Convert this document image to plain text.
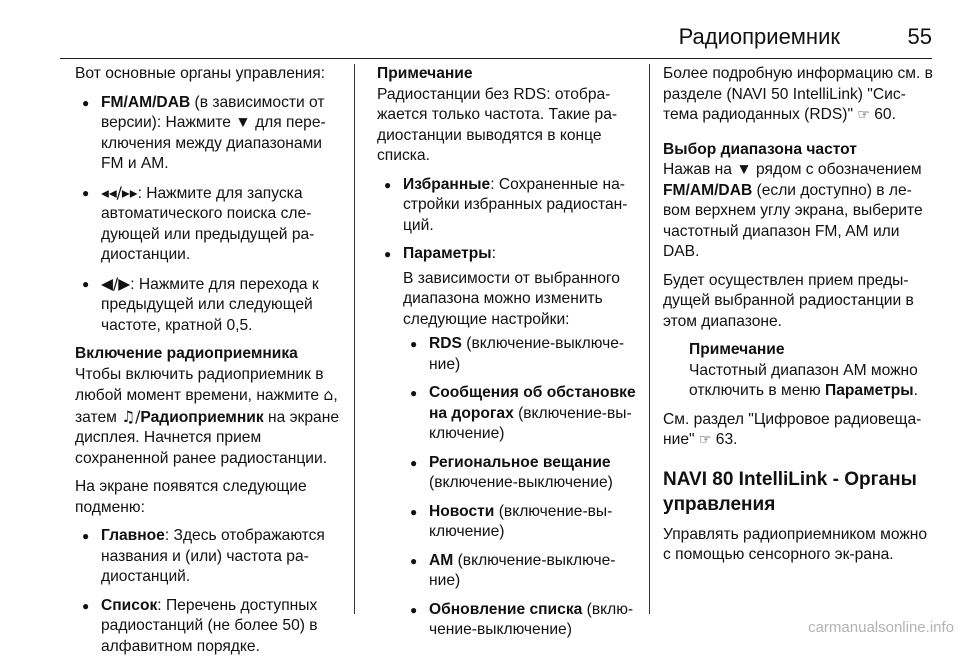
Радиоприемник	55

Вот основные органы управления:

● FM/AM/DAB (в зависимости от версии): Нажмите ▼ для пере-ключения между диапазонами FM и AM.
● ◂◂/▸▸: Нажмите для запуска автоматического поиска сле-дующей или предыдущей ра-диостанции.
● ◀/▶: Нажмите для перехода к предыдущей или следующей частоте, кратной 0,5.

Включение радиоприемника

Чтобы включить радиоприемник в любой момент времени, нажмите ⌂, затем ♫/Радиоприемник на экране дисплея. Начнется прием сохраненной ранее радиостанции.

На экране появятся следующие подменю:

● Главное: Здесь отображаются названия и (или) частота ра-диостанций.
● Список: Перечень доступных радиостанций (не более 50) в алфавитном порядке.

Примечание

Радиостанции без RDS: отобра-жается только частота. Такие ра-диостанции выводятся в конце списка.

● Избранные: Сохраненные на-стройки избранных радиостан-ций.
● Параметры:
В зависимости от выбранного диапазона можно изменить следующие настройки:
● RDS (включение-выключе-ние)
● Сообщения об обстановке на дорогах (включение-вы-ключение)
● Региональное вещание (включение-выключение)
● Новости (включение-вы-ключение)
● AM (включение-выключе-ние)
● Обновление списка (вклю-чение-выключение)

Более подробную информацию см. в разделе (NAVI 50 IntelliLink) "Сис-тема радиоданных (RDS)" ☞ 60.

Выбор диапазона частот

Нажав на ▼ рядом с обозначением FM/AM/DAB (если доступно) в ле-вом верхнем углу экрана, выберите частотный диапазон FM, AM или DAB.

Будет осуществлен прием преды-дущей выбранной радиостанции в этом диапазоне.

Примечание

Частотный диапазон AM можно отключить в меню Параметры.

См. раздел "Цифровое радиовеща-ние" ☞ 63.

NAVI 80 IntelliLink - Органы управления

Управлять радиоприемником можно с помощью сенсорного эк-рана.

carmanualsonline.info
